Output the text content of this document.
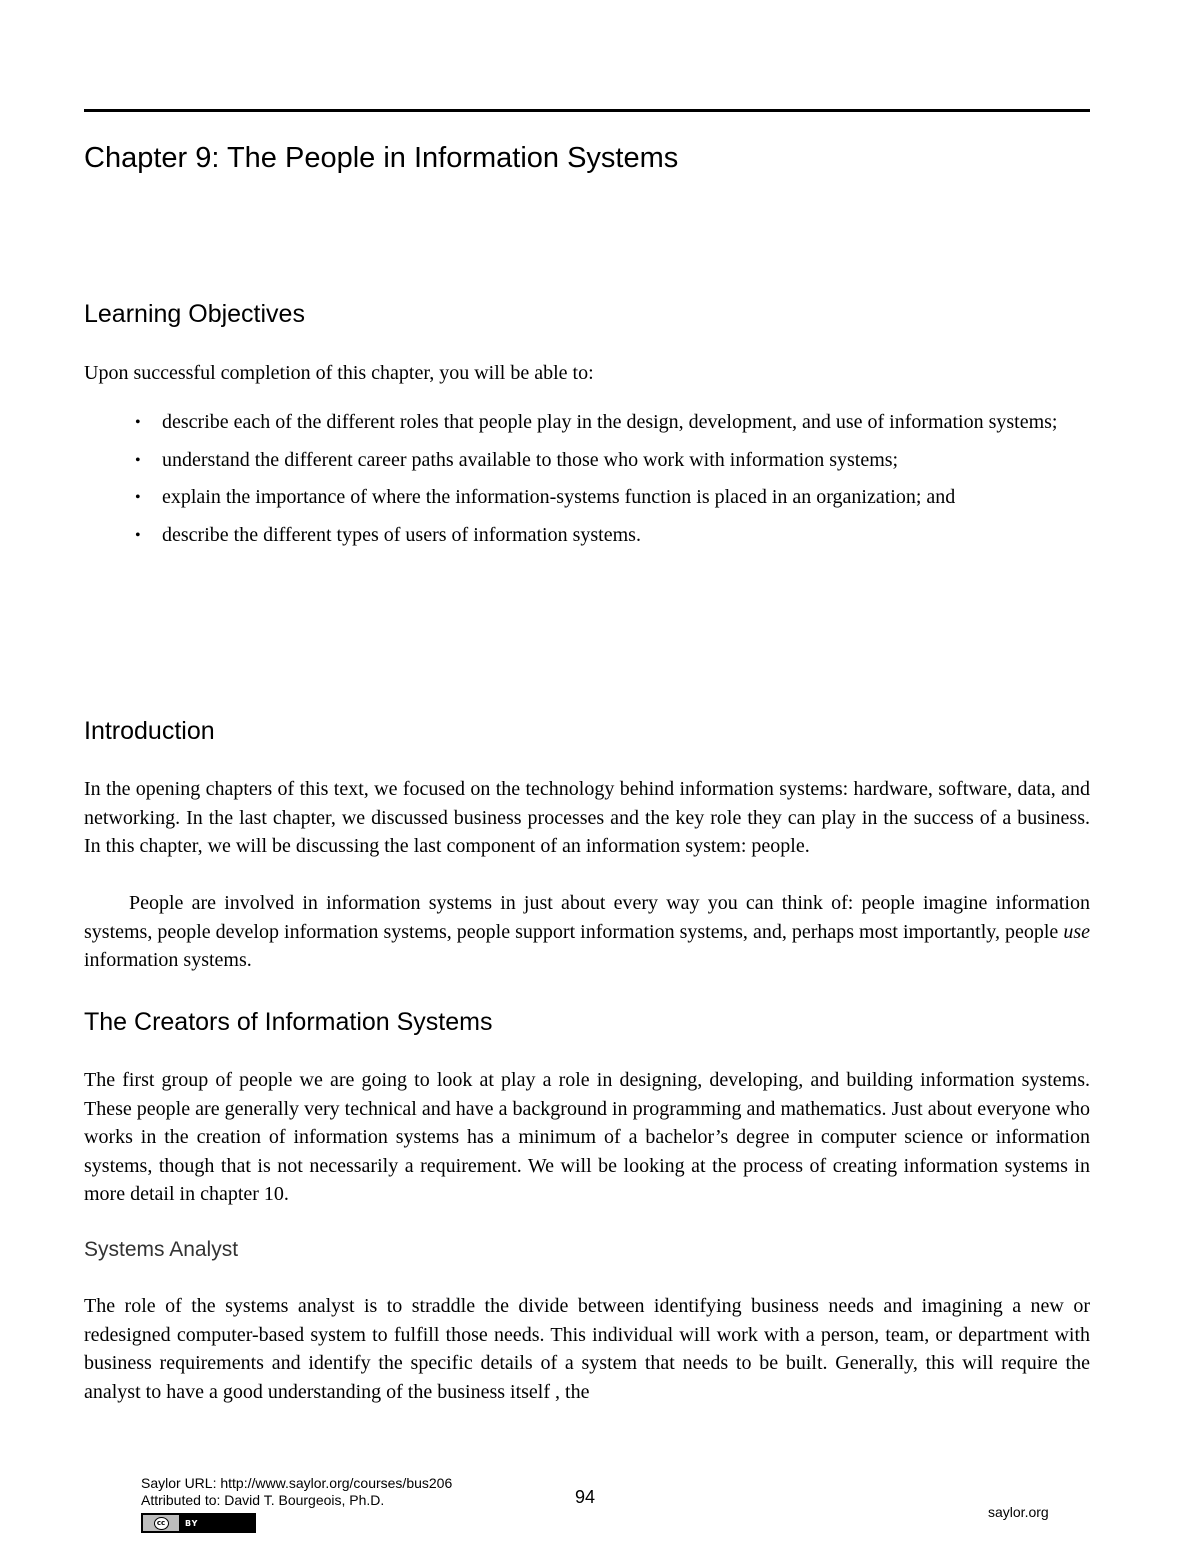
Chapter 9: The People in Information Systems
Learning Objectives

Upon successful completion of this chapter, you will be able to:

• describe each of the different roles that people play in the design, development, and use of information systems;
• understand the different career paths available to those who work with information systems;
• explain the importance of where the information-systems function is placed in an organization; and
• describe the different types of users of information systems.
Introduction

In the opening chapters of this text, we focused on the technology behind information systems: hardware, software, data, and networking. In the last chapter, we discussed business processes and the key role they can play in the success of a business. In this chapter, we will be discussing the last component of an information system: people.

People are involved in information systems in just about every way you can think of: people imagine information systems, people develop information systems, people support information systems, and, perhaps most importantly, people use information systems.

The Creators of Information Systems

The first group of people we are going to look at play a role in designing, developing, and building information systems. These people are generally very technical and have a background in programming and mathematics. Just about everyone who works in the creation of information systems has a minimum of a bachelor’s degree in computer science or information systems, though that is not necessarily a requirement. We will be looking at the process of creating information systems in more detail in chapter 10.

Systems Analyst

The role of the systems analyst is to straddle the divide between identifying business needs and imagining a new or redesigned computer-based system to fulfill those needs. This individual will work with a person, team, or department with business requirements and identify the specific details of a system that needs to be built. Generally, this will require the analyst to have a good understanding of the business itself , the

Saylor URL: http://www.saylor.org/courses/bus206
Attributed to: David T. Bourgeois, Ph.D.
cc	BY
94
saylor.org
